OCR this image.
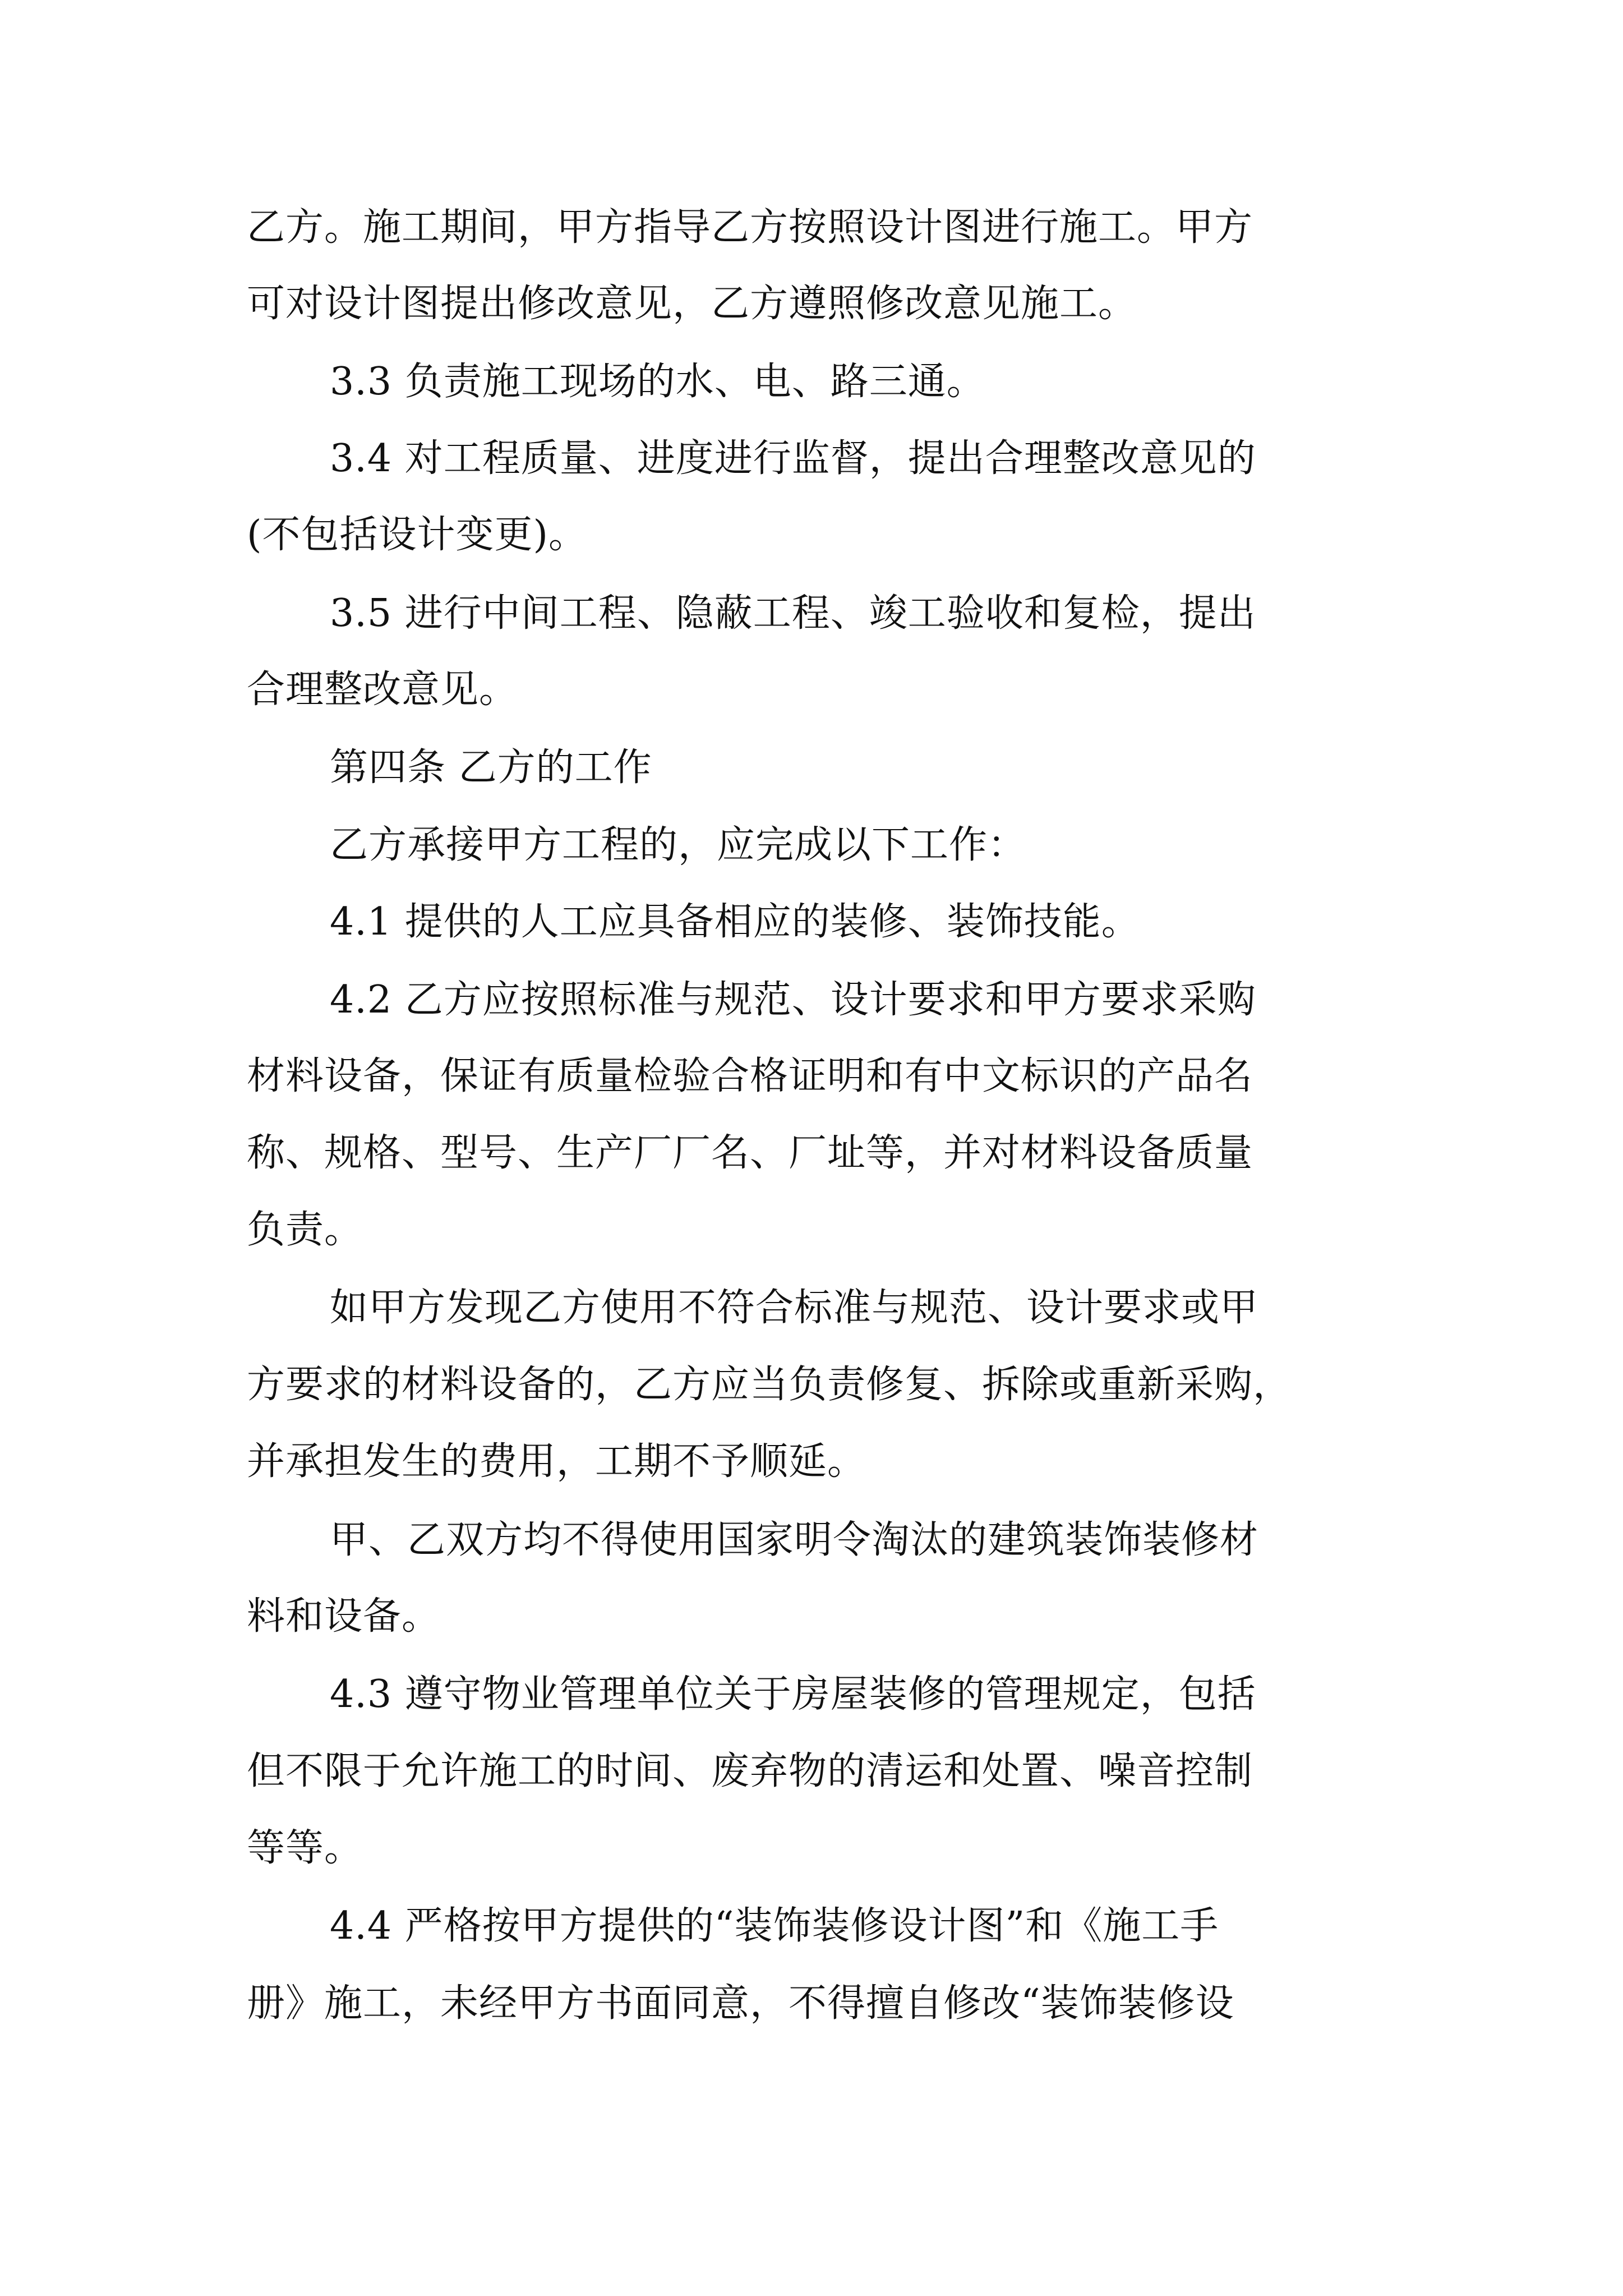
乙方。施工期间，甲方指导乙方按照设计图进行施工。甲方
可对设计图提出修改意见，乙方遵照修改意见施工。
3.3 负责施工现场的水、电、路三通。
3.4 对工程质量、进度进行监督，提出合理整改意见的
(不包括设计变更)。
3.5 进行中间工程、隐蔽工程、竣工验收和复检，提出
合理整改意见。
第四条 乙方的工作
乙方承接甲方工程的，应完成以下工作：
4.1 提供的人工应具备相应的装修、装饰技能。
4.2 乙方应按照标准与规范、设计要求和甲方要求采购
材料设备，保证有质量检验合格证明和有中文标识的产品名
称、规格、型号、生产厂厂名、厂址等，并对材料设备质量
负责。
如甲方发现乙方使用不符合标准与规范、设计要求或甲
方要求的材料设备的，乙方应当负责修复、拆除或重新采购，
并承担发生的费用，工期不予顺延。
甲、乙双方均不得使用国家明令淘汰的建筑装饰装修材
料和设备。
4.3 遵守物业管理单位关于房屋装修的管理规定，包括
但不限于允许施工的时间、废弃物的清运和处置、噪音控制
等等。
4.4 严格按甲方提供的“装饰装修设计图”和《施工手
册》施工，未经甲方书面同意，不得擅自修改“装饰装修设
